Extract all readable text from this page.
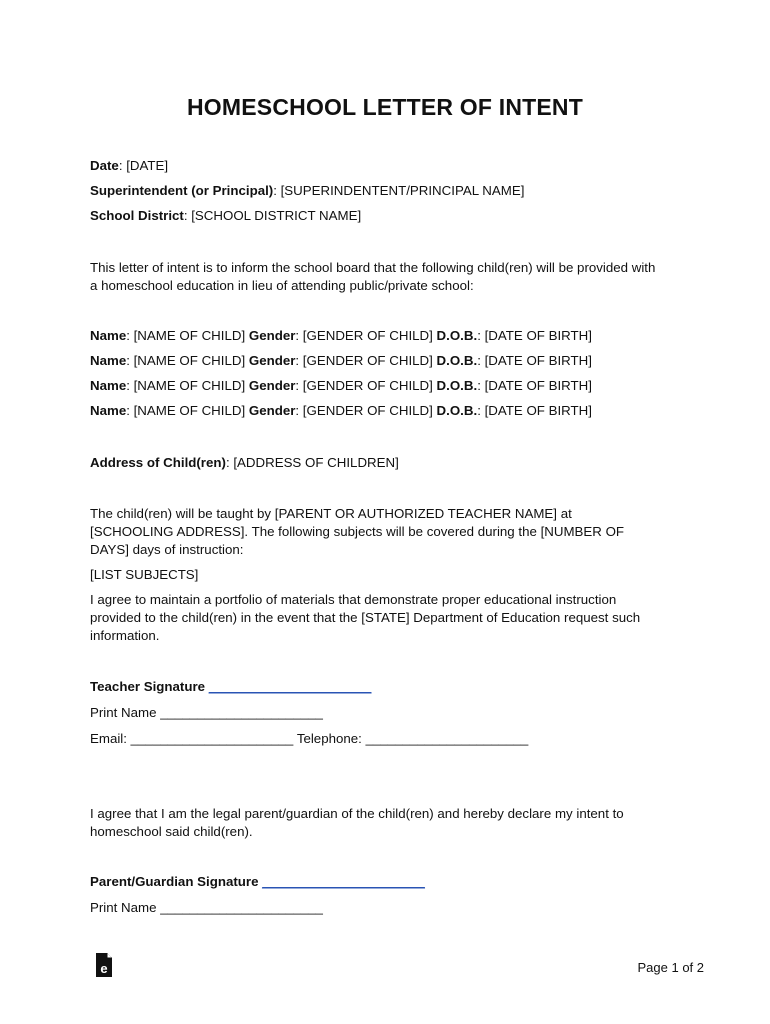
HOMESCHOOL LETTER OF INTENT
Date: [DATE]
Superintendent (or Principal): [SUPERINDENTENT/PRINCIPAL NAME]
School District: [SCHOOL DISTRICT NAME]
This letter of intent is to inform the school board that the following child(ren) will be provided with
a homeschool education in lieu of attending public/private school:
Name: [NAME OF CHILD] Gender: [GENDER OF CHILD] D.O.B.: [DATE OF BIRTH]
Name: [NAME OF CHILD] Gender: [GENDER OF CHILD] D.O.B.: [DATE OF BIRTH]
Name: [NAME OF CHILD] Gender: [GENDER OF CHILD] D.O.B.: [DATE OF BIRTH]
Name: [NAME OF CHILD] Gender: [GENDER OF CHILD] D.O.B.: [DATE OF BIRTH]
Address of Child(ren): [ADDRESS OF CHILDREN]
The child(ren) will be taught by [PARENT OR AUTHORIZED TEACHER NAME] at
[SCHOOLING ADDRESS]. The following subjects will be covered during the [NUMBER OF
DAYS] days of instruction:
[LIST SUBJECTS]
I agree to maintain a portfolio of materials that demonstrate proper educational instruction
provided to the child(ren) in the event that the [STATE] Department of Education request such
information.
Teacher Signature ______________________
Print Name ______________________
Email: ______________________ Telephone: ______________________
I agree that I am the legal parent/guardian of the child(ren) and hereby declare my intent to
homeschool said child(ren).
Parent/Guardian Signature ______________________
Print Name ______________________
e	Page 1 of 2
